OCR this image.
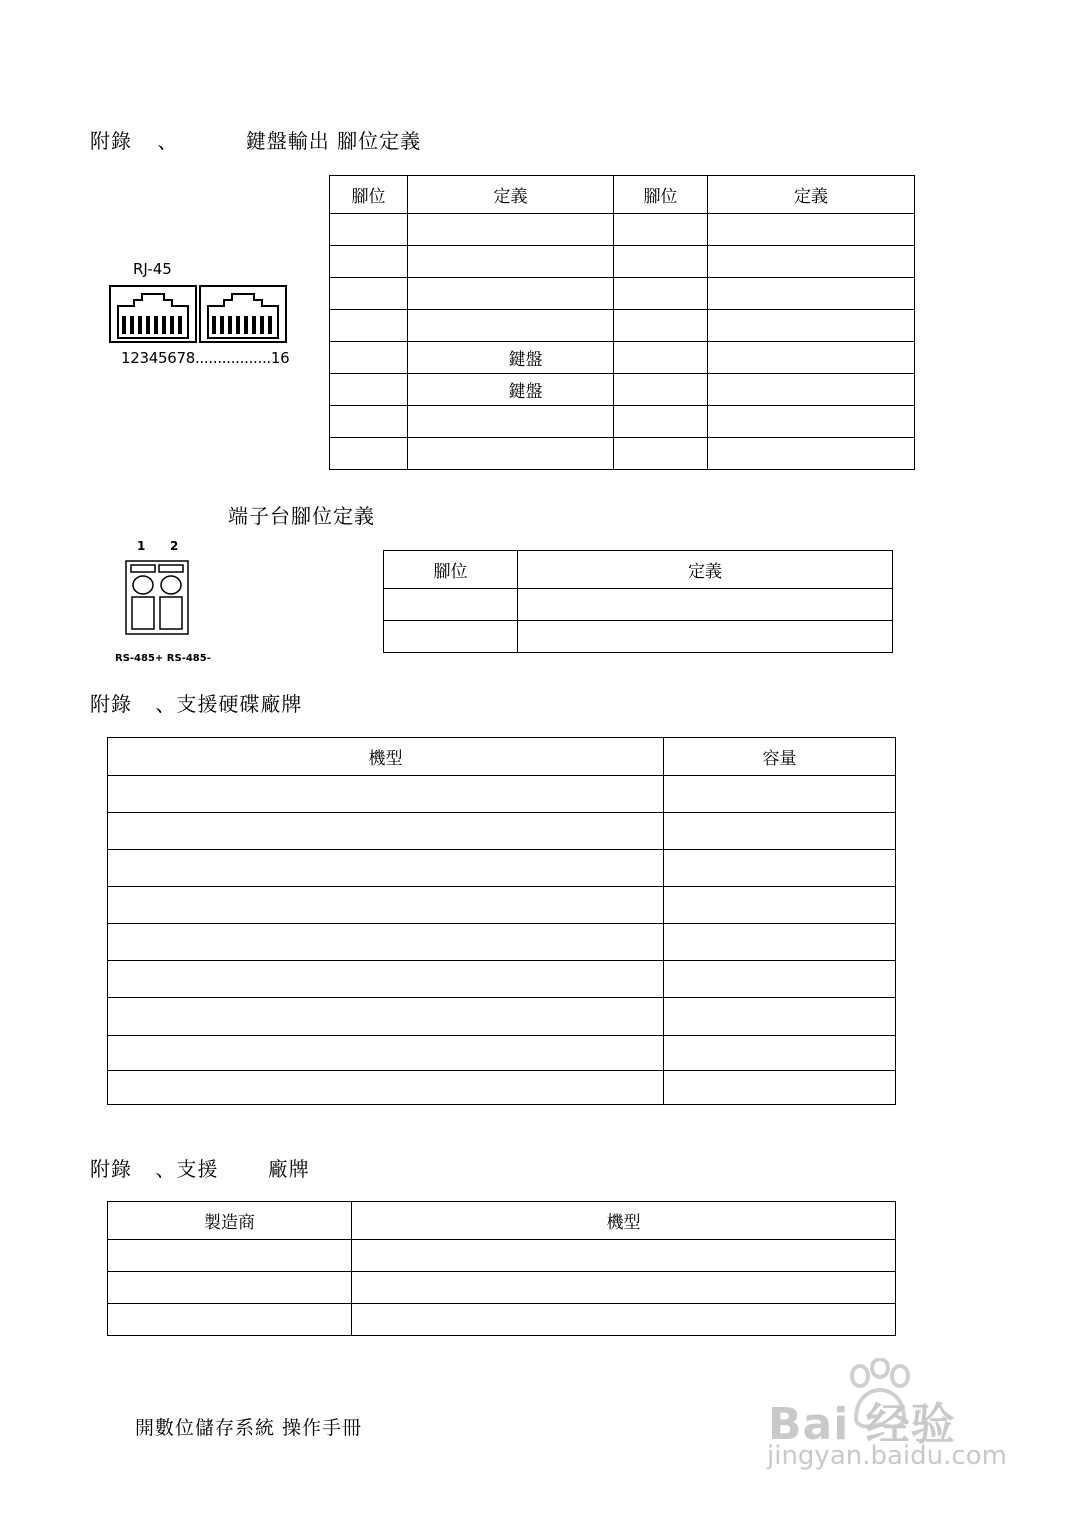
附錄 、	鍵盤輸出 腳位定義
RJ-45
12345678.................16
腳位	定義	腳位	定義

	鍵盤		
	鍵盤		

端子台腳位定義
1 2
RS-485+ RS-485-
腳位	定義

附錄 、支援硬碟廠牌
機型	容量

附錄 、支援 廠牌
製造商	機型

開數位儲存系統 操作手冊	Bai 经验
jingyan.baidu.com
